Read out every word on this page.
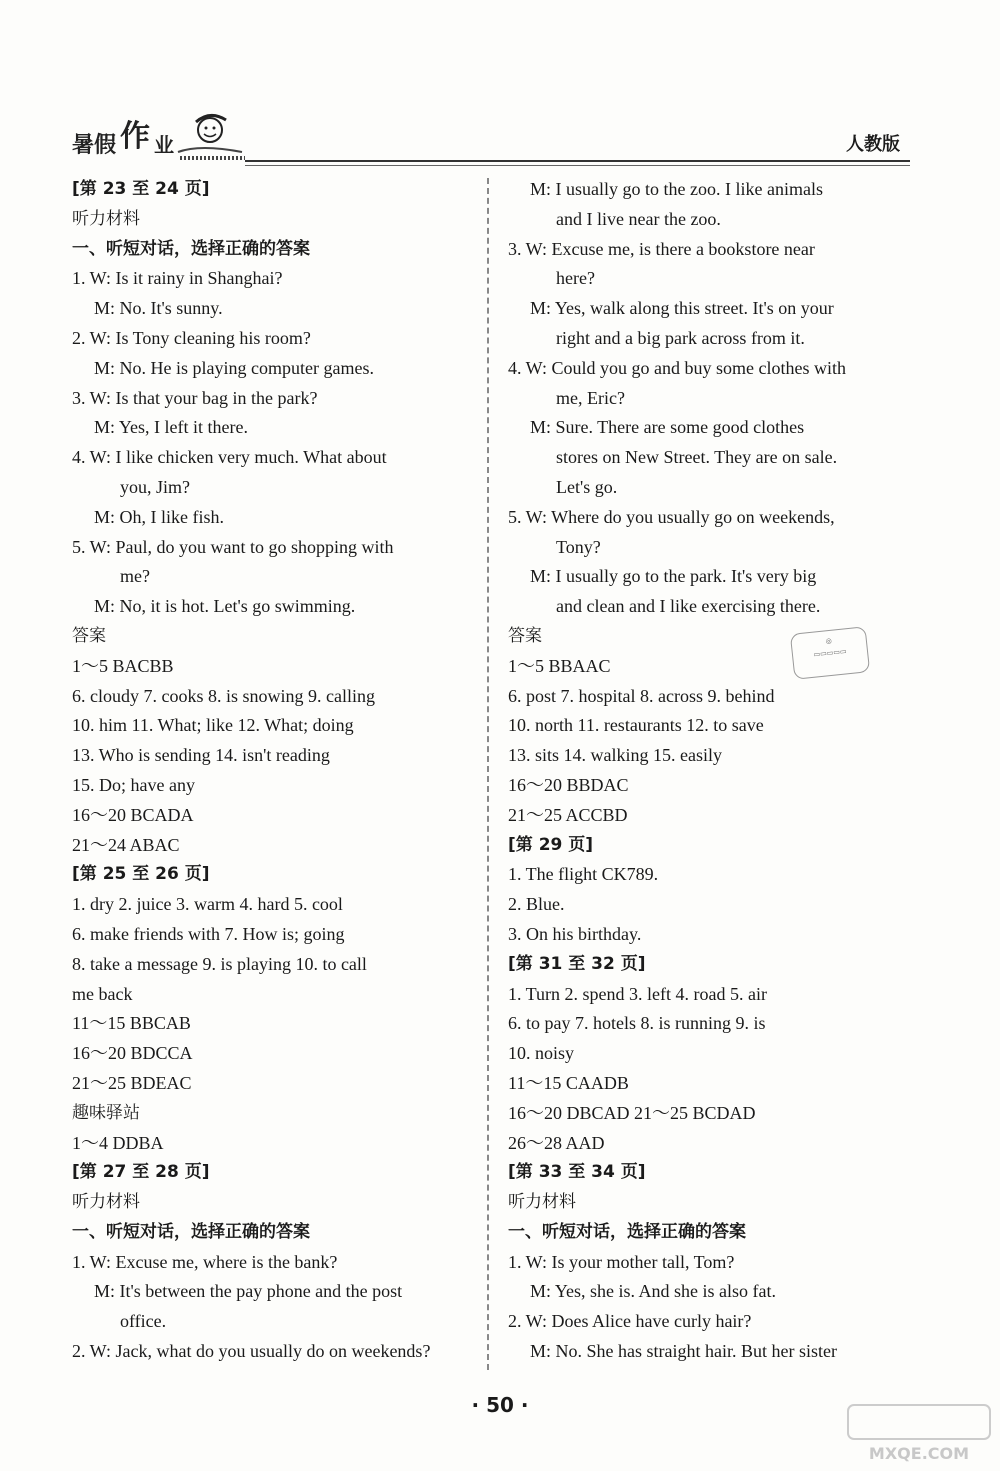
暑假 作 业	人教版
[第 23 至 24 页]
听力材料
一、听短对话，选择正确的答案
1. W: Is it rainy in Shanghai?
M: No. It's sunny.
2. W: Is Tony cleaning his room?
M: No. He is playing computer games.
3. W: Is that your bag in the park?
M: Yes, I left it there.
4. W: I like chicken very much. What about
you, Jim?
M: Oh, I like fish.
5. W: Paul, do you want to go shopping with
me?
M: No, it is hot. Let's go swimming.
答案
1～5 BACBB
6. cloudy 7. cooks 8. is snowing 9. calling
10. him 11. What; like 12. What; doing
13. Who is sending 14. isn't reading
15. Do; have any
16～20 BCADA
21～24 ABAC
[第 25 至 26 页]
1. dry 2. juice 3. warm 4. hard 5. cool
6. make friends with 7. How is; going
8. take a message 9. is playing 10. to call
me back
11～15 BBCAB
16～20 BDCCA
21～25 BDEAC
趣味驿站
1～4 DDBA
[第 27 至 28 页]
听力材料
一、听短对话，选择正确的答案
1. W: Excuse me, where is the bank?
M: It's between the pay phone and the post
office.
2. W: Jack, what do you usually do on weekends?
M: I usually go to the zoo. I like animals
and I live near the zoo.
3. W: Excuse me, is there a bookstore near
here?
M: Yes, walk along this street. It's on your
right and a big park across from it.
4. W: Could you go and buy some clothes with
me, Eric?
M: Sure. There are some good clothes
stores on New Street. They are on sale.
Let's go.
5. W: Where do you usually go on weekends,
Tony?
M: I usually go to the park. It's very big
and clean and I like exercising there.
答案
1～5 BBAAC
6. post 7. hospital 8. across 9. behind
10. north 11. restaurants 12. to save
13. sits 14. walking 15. easily
16～20 BBDAC
21～25 ACCBD
[第 29 页]
1. The flight CK789.
2. Blue.
3. On his birthday.
[第 31 至 32 页]
1. Turn 2. spend 3. left 4. road 5. air
6. to pay 7. hotels 8. is running 9. is
10. noisy
11～15 CAADB
16～20 DBCAD 21～25 BCDAD
26～28 AAD
[第 33 至 34 页]
听力材料
一、听短对话，选择正确的答案
1. W: Is your mother tall, Tom?
M: Yes, she is. And she is also fat.
2. W: Does Alice have curly hair?
M: No. She has straight hair. But her sister
◎
▭▭▭▭▭
· 50 ·
MXQE.COM
